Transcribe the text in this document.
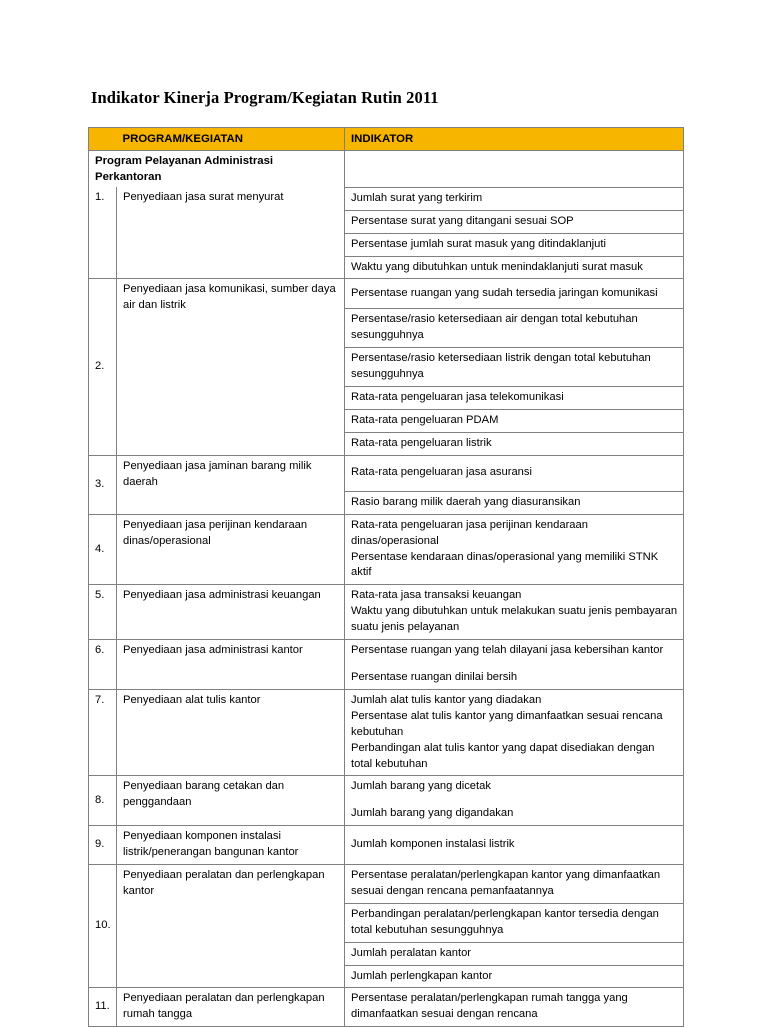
Indikator Kinerja Program/Kegiatan Rutin 2011
	PROGRAM/KEGIATAN	INDIKATOR
Program Pelayanan Administrasi Perkantoran		
1.	Penyediaan jasa surat menyurat	Jumlah surat yang terkirim
		Persentase surat yang ditangani sesuai SOP
		Persentase jumlah surat masuk yang ditindaklanjuti
		Waktu yang dibutuhkan untuk menindaklanjuti surat masuk
2.	Penyediaan jasa komunikasi, sumber daya air dan listrik	Persentase ruangan yang sudah tersedia jaringan komunikasi
		Persentase/rasio ketersediaan air dengan total kebutuhan sesungguhnya
		Persentase/rasio ketersediaan listrik dengan total kebutuhan sesungguhnya
		Rata-rata pengeluaran jasa telekomunikasi
		Rata-rata pengeluaran PDAM
		Rata-rata pengeluaran listrik
3.	Penyediaan jasa jaminan barang milik daerah	Rata-rata pengeluaran jasa asuransi
		Rasio barang milik daerah yang diasuransikan
4.	Penyediaan jasa perijinan kendaraan dinas/operasional	Rata-rata pengeluaran jasa perijinan kendaraan dinas/operasional
Persentase kendaraan dinas/operasional yang memiliki STNK aktif

5.	Penyediaan jasa administrasi keuangan	Rata-rata jasa transaksi keuangan
Waktu yang dibutuhkan untuk melakukan suatu jenis pembayaran suatu jenis pelayanan

6.	Penyediaan jasa administrasi kantor	Persentase ruangan yang telah dilayani jasa kebersihan kantor
Persentase ruangan dinilai bersih

7.	Penyediaan alat tulis kantor	Jumlah alat tulis kantor yang diadakan
Persentase alat tulis kantor yang dimanfaatkan sesuai rencana kebutuhan
Perbandingan alat tulis kantor yang dapat disediakan dengan total kebutuhan

8.	Penyediaan barang cetakan dan penggandaan	Jumlah barang yang dicetak
Jumlah barang yang digandakan

9.	Penyediaan komponen instalasi listrik/penerangan bangunan kantor	Jumlah komponen instalasi listrik
10.	Penyediaan peralatan dan perlengkapan kantor	Persentase peralatan/perlengkapan kantor yang dimanfaatkan sesuai dengan rencana pemanfaatannya
		Perbandingan peralatan/perlengkapan kantor tersedia dengan total kebutuhan sesungguhnya
		Jumlah peralatan kantor
		Jumlah perlengkapan kantor
11.	Penyediaan peralatan dan perlengkapan rumah tangga	Persentase peralatan/perlengkapan rumah tangga yang dimanfaatkan sesuai dengan rencana
